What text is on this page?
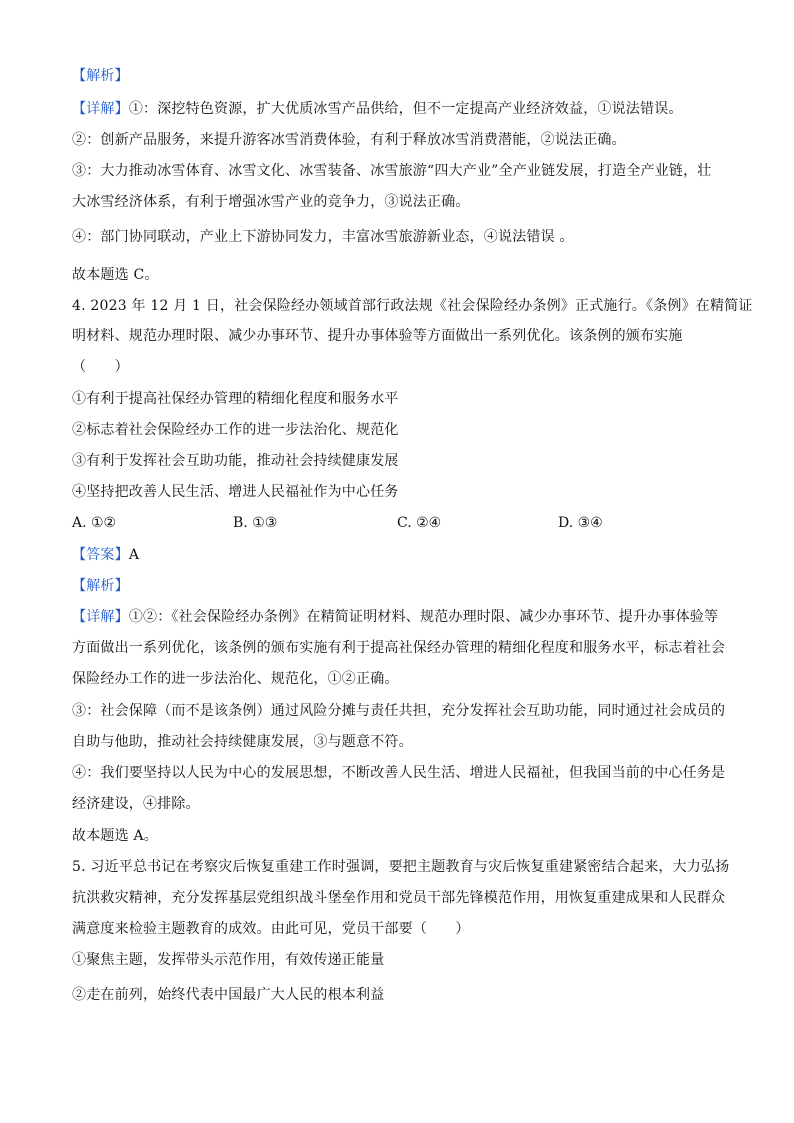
【解析】
【详解】①：深挖特色资源，扩大优质冰雪产品供给，但不一定提高产业经济效益，①说法错误。
②：创新产品服务，来提升游客冰雪消费体验，有利于释放冰雪消费潜能，②说法正确。
③：大力推动冰雪体育、冰雪文化、冰雪装备、冰雪旅游“四大产业”全产业链发展，打造全产业链，壮
大冰雪经济体系，有利于增强冰雪产业的竞争力，③说法正确。
④：部门协同联动，产业上下游协同发力，丰富冰雪旅游新业态，④说法错误 。
故本题选 C。
4. 2023 年 12 月 1 日，社会保险经办领域首部行政法规《社会保险经办条例》正式施行。《条例》在精简证
明材料、规范办理时限、减少办事环节、提升办事体验等方面做出一系列优化。该条例的颁布实施
（　　）
①有利于提高社保经办管理的精细化程度和服务水平
②标志着社会保险经办工作的进一步法治化、规范化
③有利于发挥社会互助功能，推动社会持续健康发展
④坚持把改善人民生活、增进人民福祉作为中心任务
A. ①②	B. ①③	C. ②④	D. ③④
【答案】A
【解析】
【详解】①②：《社会保险经办条例》在精简证明材料、规范办理时限、减少办事环节、提升办事体验等
方面做出一系列优化，该条例的颁布实施有利于提高社保经办管理的精细化程度和服务水平，标志着社会
保险经办工作的进一步法治化、规范化，①②正确。
③：社会保障（而不是该条例）通过风险分摊与责任共担，充分发挥社会互助功能，同时通过社会成员的
自助与他助，推动社会持续健康发展，③与题意不符。
④：我们要坚持以人民为中心的发展思想，不断改善人民生活、增进人民福祉，但我国当前的中心任务是
经济建设，④排除。
故本题选 A。
5. 习近平总书记在考察灾后恢复重建工作时强调，要把主题教育与灾后恢复重建紧密结合起来，大力弘扬
抗洪救灾精神，充分发挥基层党组织战斗堡垒作用和党员干部先锋模范作用，用恢复重建成果和人民群众
满意度来检验主题教育的成效。由此可见，党员干部要（　　）
①聚焦主题，发挥带头示范作用，有效传递正能量
②走在前列，始终代表中国最广大人民的根本利益
